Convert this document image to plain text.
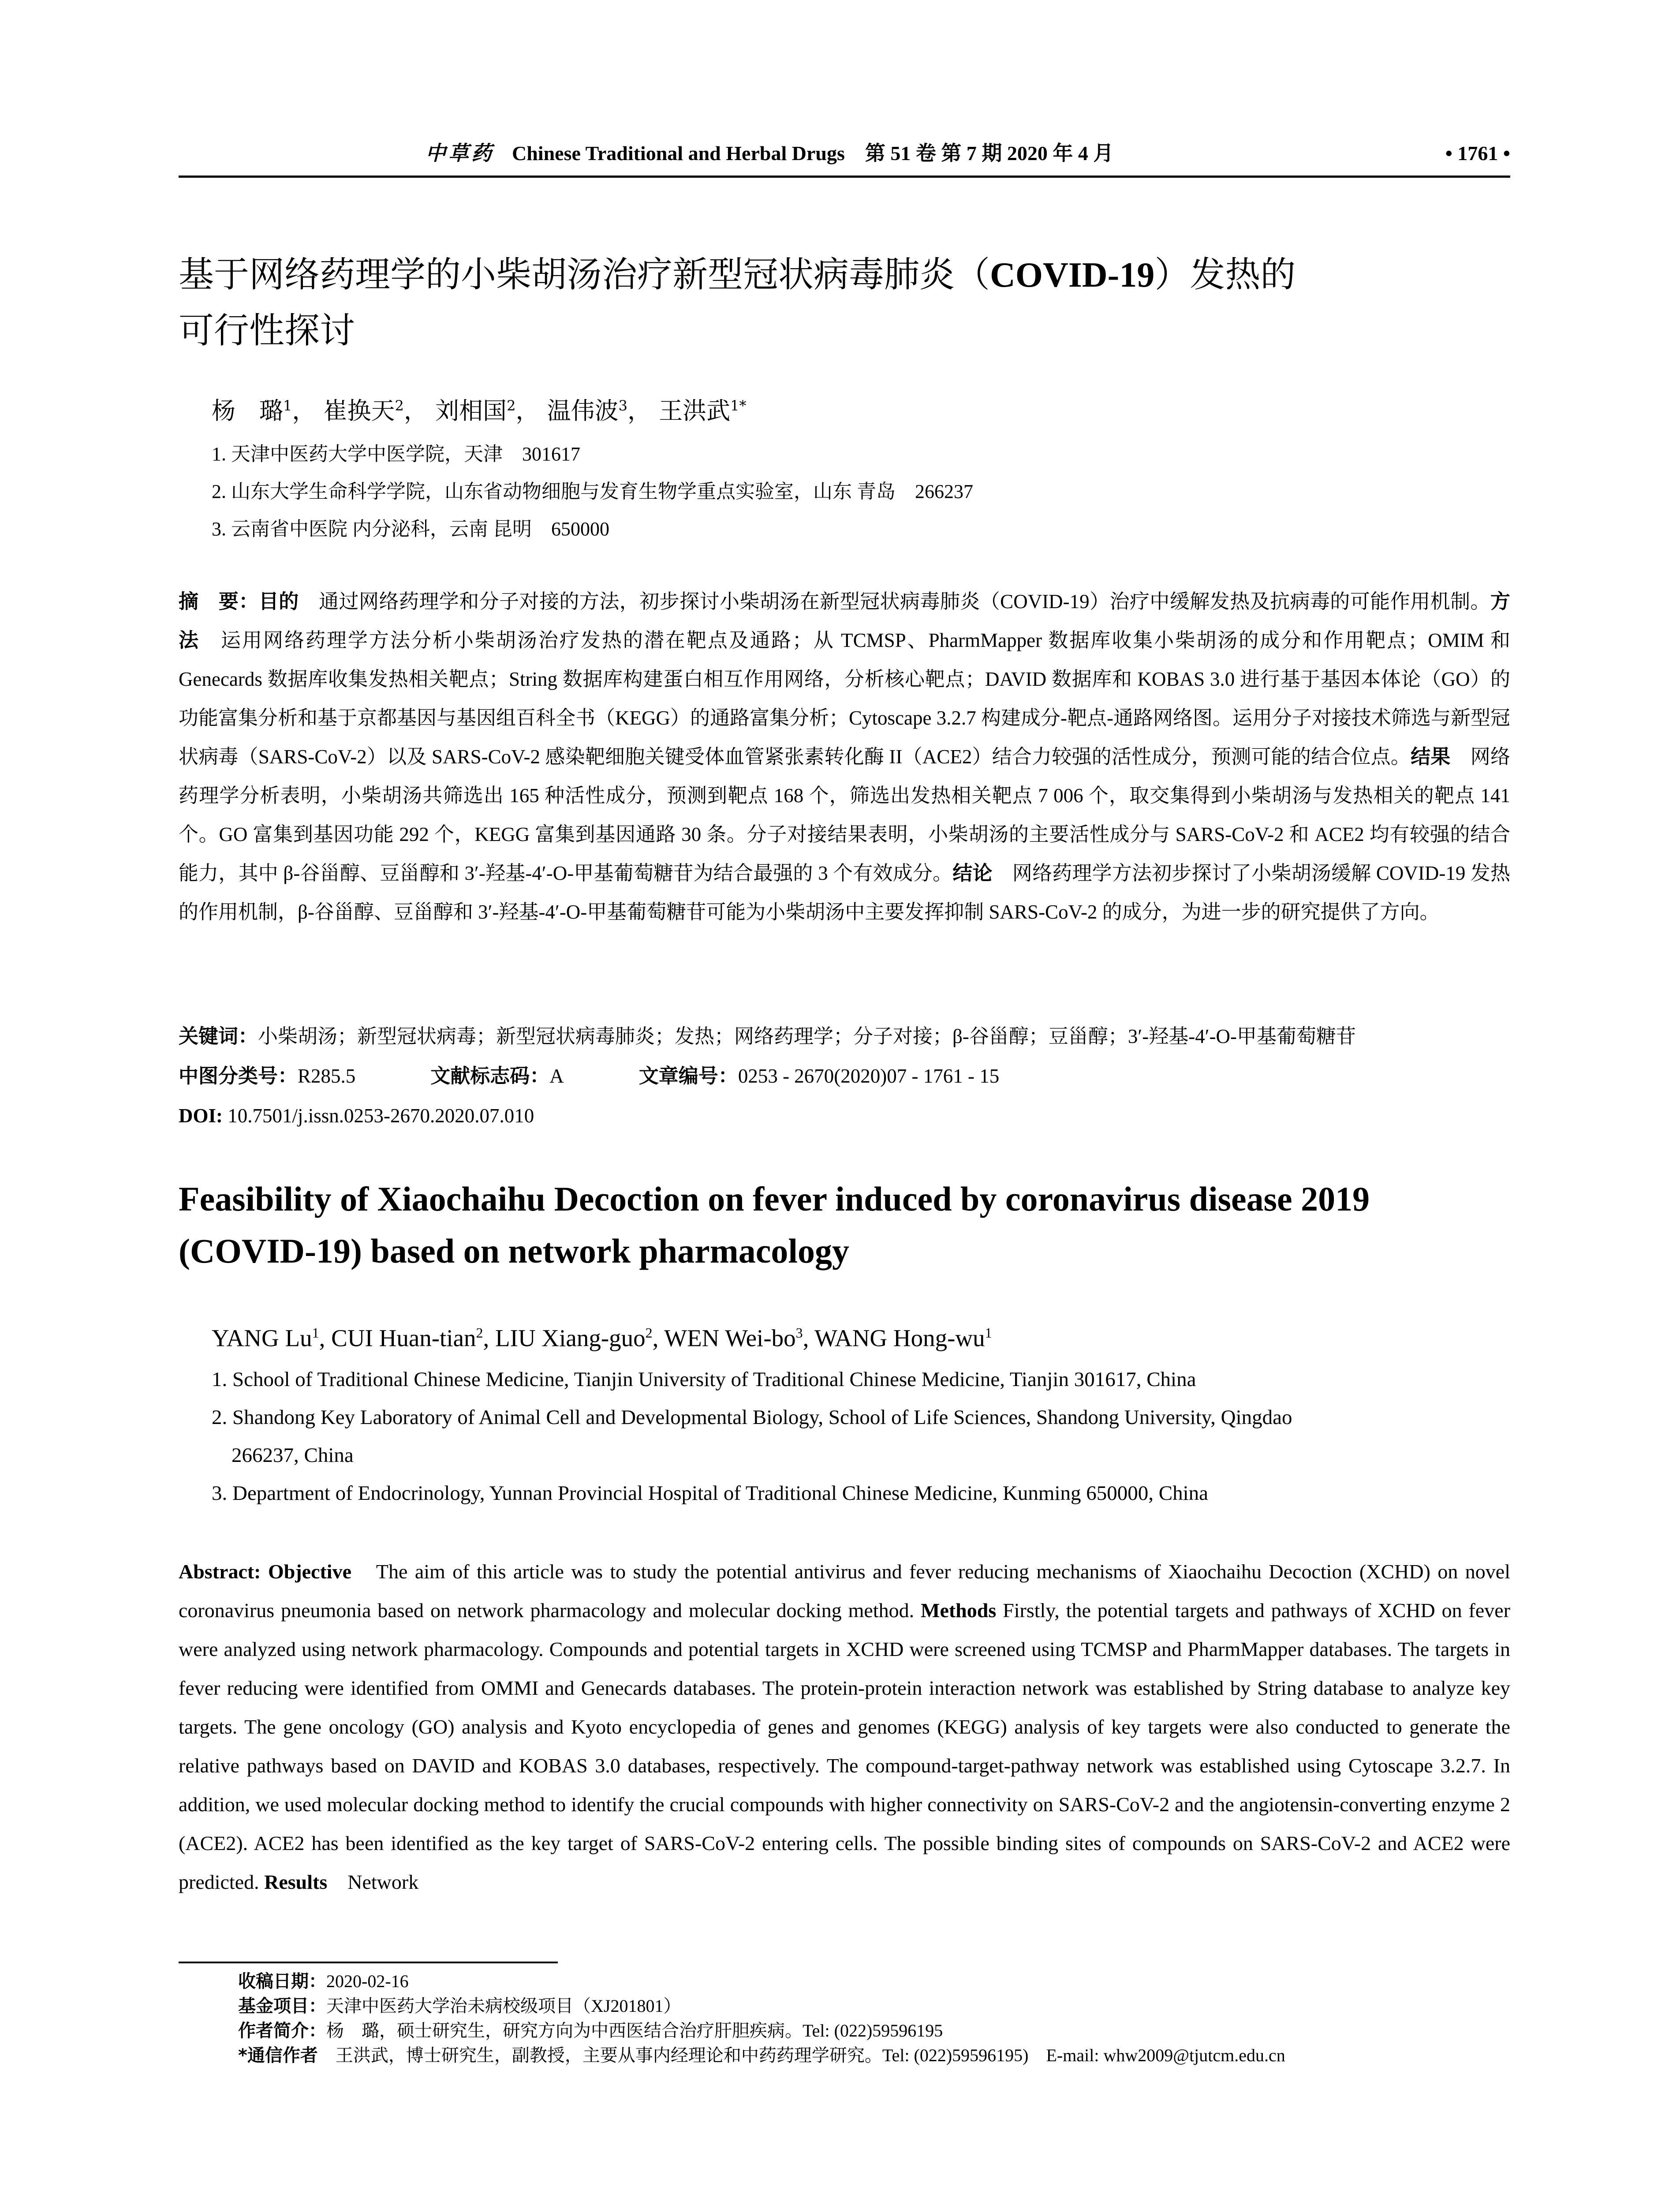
中草药 Chinese Traditional and Herbal Drugs　第 51 卷 第 7 期 2020 年 4 月	• 1761 •
基于网络药理学的小柴胡汤治疗新型冠状病毒肺炎（COVID-19）发热的
可行性探讨
杨　璐$^1$， 崔换天$^2$， 刘相国$^2$， 温伟波$^3$， 王洪武$^{1*}$
1. 天津中医药大学中医学院，天津　301617
2. 山东大学生命科学学院，山东省动物细胞与发育生物学重点实验室，山东 青岛　266237
3. 云南省中医院 内分泌科，云南 昆明　650000
摘　要：目的　通过网络药理学和分子对接的方法，初步探讨小柴胡汤在新型冠状病毒肺炎（COVID-19）治疗中缓解发热及抗病毒的可能作用机制。方法　运用网络药理学方法分析小柴胡汤治疗发热的潜在靶点及通路；从 TCMSP、PharmMapper 数据库收集小柴胡汤的成分和作用靶点；OMIM 和 Genecards 数据库收集发热相关靶点；String 数据库构建蛋白相互作用网络，分析核心靶点；DAVID 数据库和 KOBAS 3.0 进行基于基因本体论（GO）的功能富集分析和基于京都基因与基因组百科全书（KEGG）的通路富集分析；Cytoscape 3.2.7 构建成分-靶点-通路网络图。运用分子对接技术筛选与新型冠状病毒（SARS-CoV-2）以及 SARS-CoV-2 感染靶细胞关键受体血管紧张素转化酶 II（ACE2）结合力较强的活性成分，预测可能的结合位点。结果　网络药理学分析表明，小柴胡汤共筛选出 165 种活性成分，预测到靶点 168 个，筛选出发热相关靶点 7 006 个，取交集得到小柴胡汤与发热相关的靶点 141 个。GO 富集到基因功能 292 个，KEGG 富集到基因通路 30 条。分子对接结果表明，小柴胡汤的主要活性成分与 SARS-CoV-2 和 ACE2 均有较强的结合能力，其中 β-谷甾醇、豆甾醇和 3′-羟基-4′-O-甲基葡萄糖苷为结合最强的 3 个有效成分。结论　网络药理学方法初步探讨了小柴胡汤缓解 COVID-19 发热的作用机制，β-谷甾醇、豆甾醇和 3′-羟基-4′-O-甲基葡萄糖苷可能为小柴胡汤中主要发挥抑制 SARS-CoV-2 的成分，为进一步的研究提供了方向。
关键词：小柴胡汤；新型冠状病毒；新型冠状病毒肺炎；发热；网络药理学；分子对接；β-谷甾醇；豆甾醇；3′-羟基-4′-O-甲基葡萄糖苷
中图分类号：R285.5	文献标志码：A	文章编号：0253 - 2670(2020)07 - 1761 - 15
DOI: 10.7501/j.issn.0253-2670.2020.07.010
Feasibility of Xiaochaihu Decoction on fever induced by coronavirus disease 2019
(COVID-19) based on network pharmacology
YANG Lu$^1$, CUI Huan-tian$^2$, LIU Xiang-guo$^2$, WEN Wei-$bo^3$, WANG Hong-$wu^1$
1. School of Traditional Chinese Medicine, Tianjin University of Traditional Chinese Medicine, Tianjin 301617, China
2. Shandong Key Laboratory of Animal Cell and Developmental Biology, School of Life Sciences, Shandong University, Qingdao
266237, China
3. Department of Endocrinology, Yunnan Provincial Hospital of Traditional Chinese Medicine, Kunming 650000, China
Abstract: Objective　The aim of this article was to study the potential antivirus and fever reducing mechanisms of Xiaochaihu Decoction (XCHD) on novel coronavirus pneumonia based on network pharmacology and molecular docking method. Methods Firstly, the potential targets and pathways of XCHD on fever were analyzed using network pharmacology. Compounds and potential targets in XCHD were screened using TCMSP and PharmMapper databases. The targets in fever reducing were identified from OMMI and Genecards databases. The protein-protein interaction network was established by String database to analyze key targets. The gene oncology (GO) analysis and Kyoto encyclopedia of genes and genomes (KEGG) analysis of key targets were also conducted to generate the relative pathways based on DAVID and KOBAS 3.0 databases, respectively. The compound-target-pathway network was established using Cytoscape 3.2.7. In addition, we used molecular docking method to identify the crucial compounds with higher connectivity on SARS-CoV-2 and the angiotensin-converting enzyme 2 (ACE2). ACE2 has been identified as the key target of SARS-CoV-2 entering cells. The possible binding sites of compounds on SARS-CoV-2 and ACE2 were predicted. Results　Network
收稿日期：2020-02-16
基金项目：天津中医药大学治未病校级项目（XJ201801）
作者简介：杨　璐，硕士研究生，研究方向为中西医结合治疗肝胆疾病。Tel: (022)59596195
*通信作者　王洪武，博士研究生，副教授，主要从事内经理论和中药药理学研究。Tel: (022)59596195)　E-mail: whw2009@tjutcm.edu.cn
